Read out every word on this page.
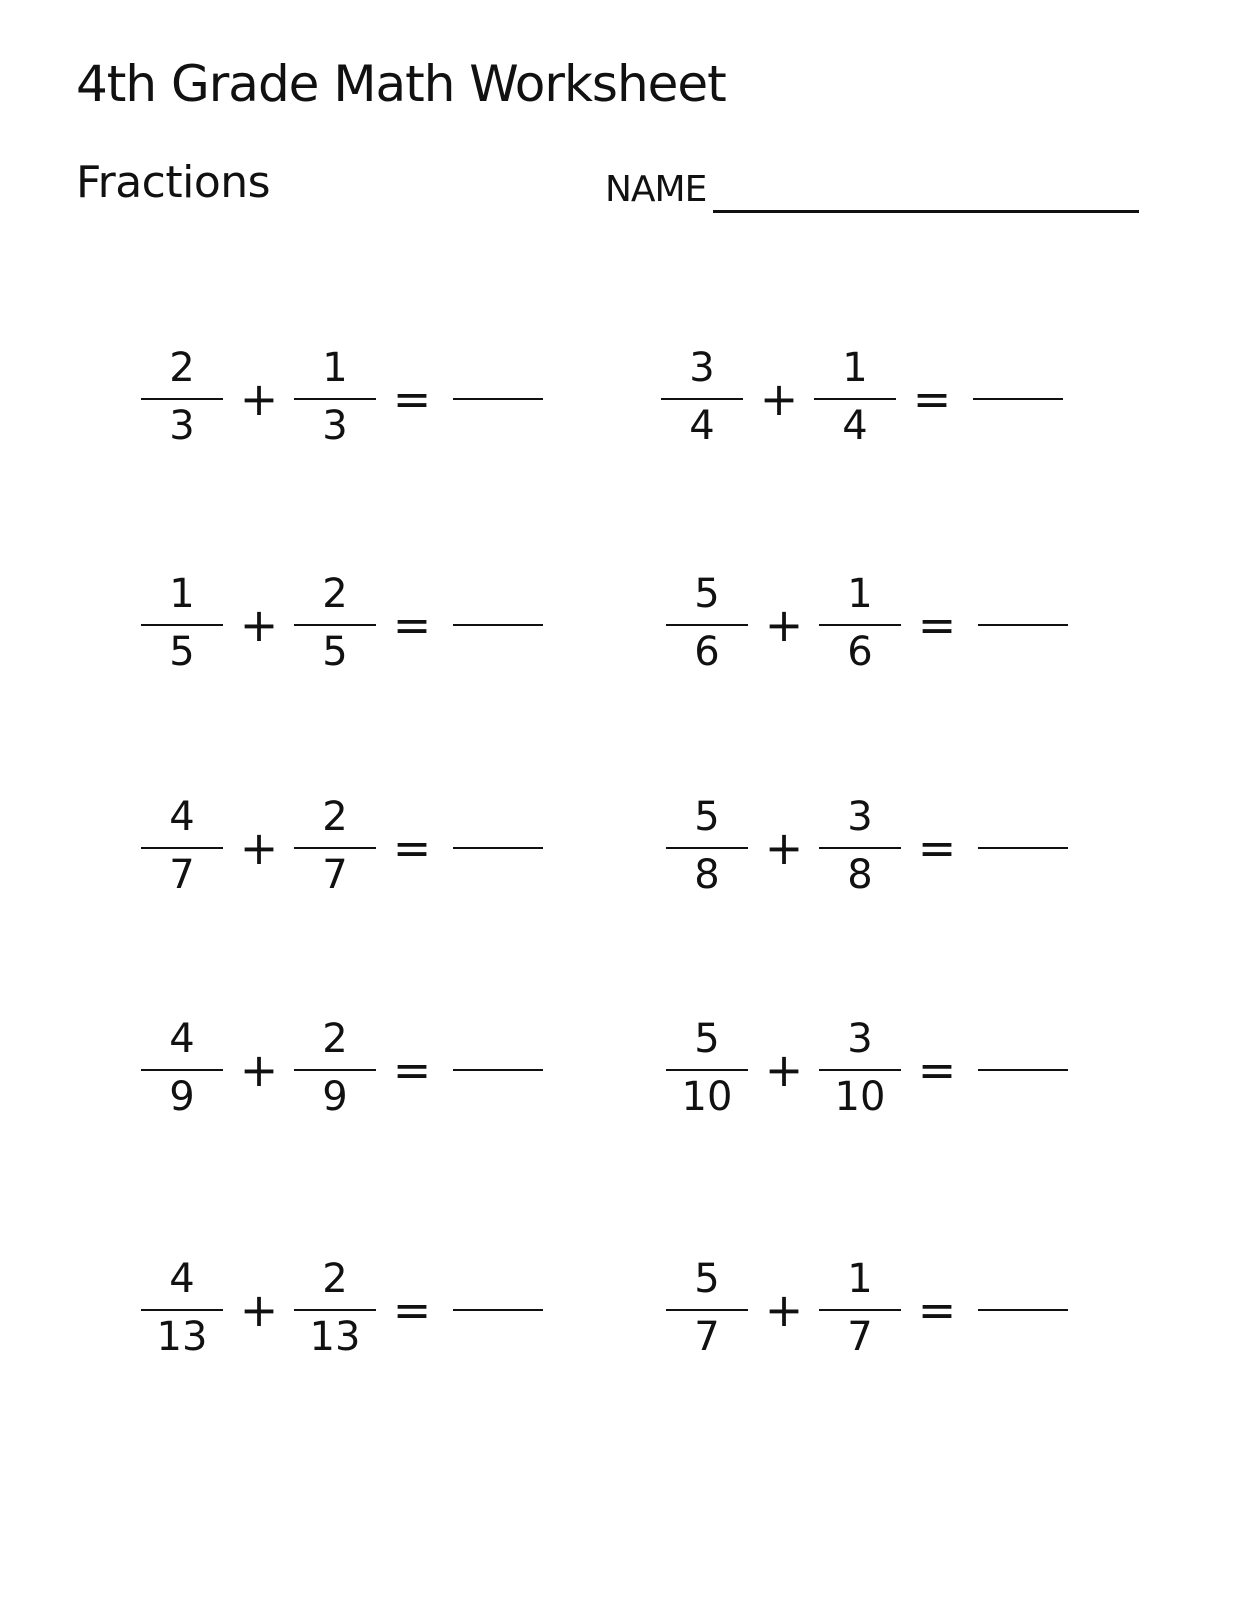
4th Grade Math Worksheet
Fractions	NAME
2
3 +
1
3 =
3
4 +
1
4 =
1
5 +
2
5 =
5
6 +
1
6 =
4
7 +
2
7 =
5
8 +
3
8 =
4
9 +
2
9 =
5
10 +
3
10 =
4
13 +
2
13 =
5
7 +
1
7 =
